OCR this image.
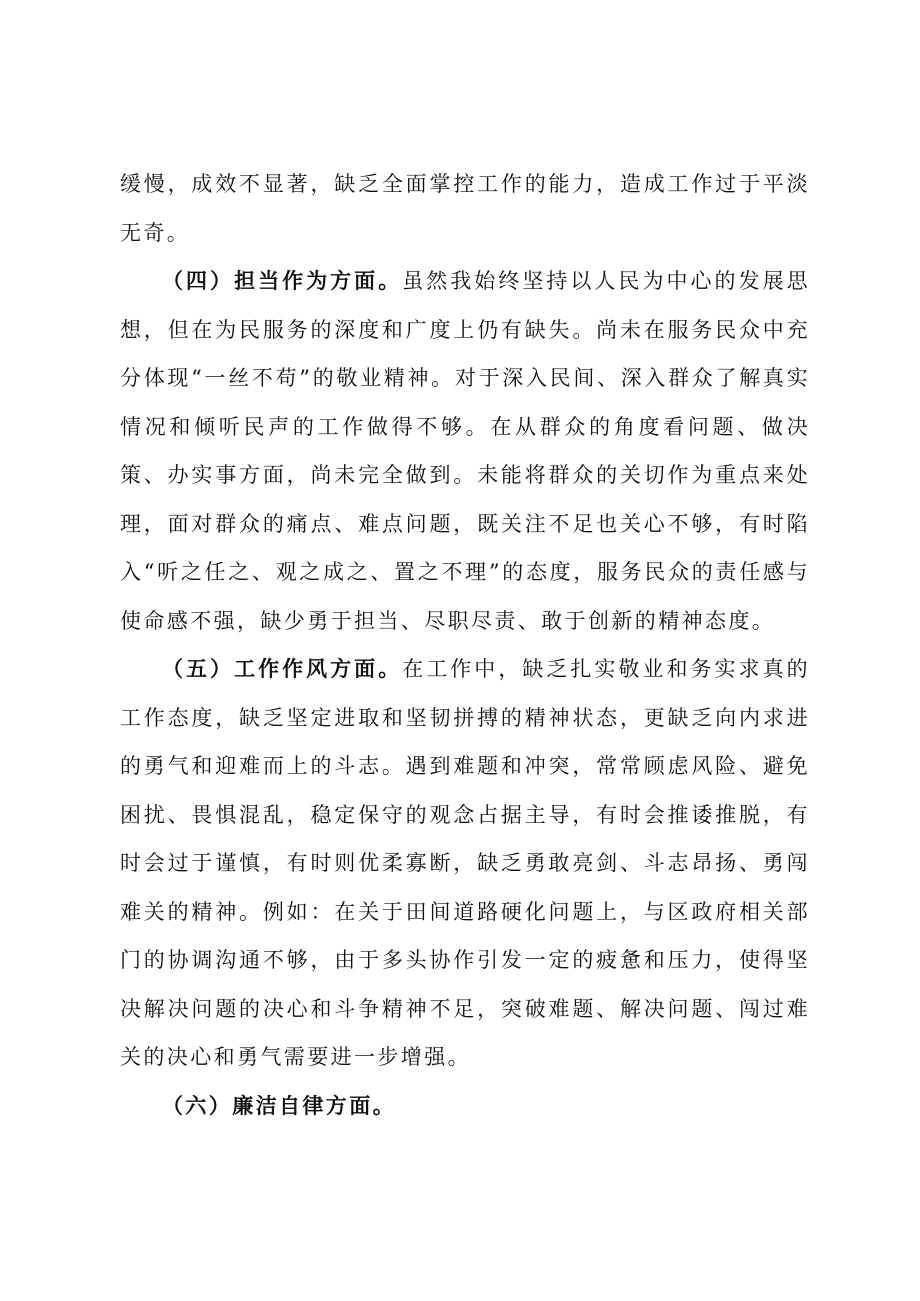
缓慢，成效不显著，缺乏全面掌控工作的能力，造成工作过于平淡无奇。

（四）担当作为方面。虽然我始终坚持以人民为中心的发展思想，但在为民服务的深度和广度上仍有缺失。尚未在服务民众中充分体现“一丝不苟”的敬业精神。对于深入民间、深入群众了解真实情况和倾听民声的工作做得不够。在从群众的角度看问题、做决策、办实事方面，尚未完全做到。未能将群众的关切作为重点来处理，面对群众的痛点、难点问题，既关注不足也关心不够，有时陷入“听之任之、观之成之、置之不理”的态度，服务民众的责任感与使命感不强，缺少勇于担当、尽职尽责、敢于创新的精神态度。

（五）工作作风方面。在工作中，缺乏扎实敬业和务实求真的工作态度，缺乏坚定进取和坚韧拼搏的精神状态，更缺乏向内求进的勇气和迎难而上的斗志。遇到难题和冲突，常常顾虑风险、避免困扰、畏惧混乱，稳定保守的观念占据主导，有时会推诿推脱，有时会过于谨慎，有时则优柔寡断，缺乏勇敢亮剑、斗志昂扬、勇闯难关的精神。例如：在关于田间道路硬化问题上，与区政府相关部门的协调沟通不够，由于多头协作引发一定的疲惫和压力，使得坚决解决问题的决心和斗争精神不足，突破难题、解决问题、闯过难关的决心和勇气需要进一步增强。

（六）廉洁自律方面。
